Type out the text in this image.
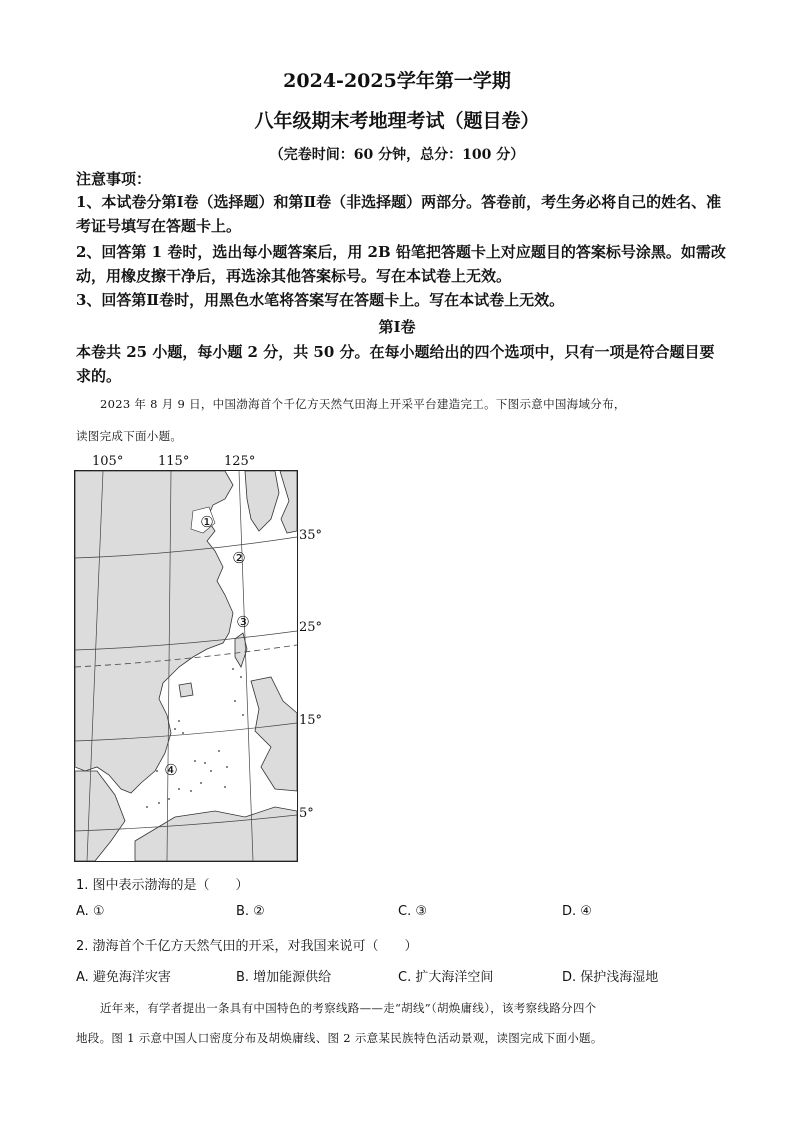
2024-2025学年第一学期
八年级期末考地理考试（题目卷）
（完卷时间：60 分钟，总分：100 分）
注意事项：
1、本试卷分第Ⅰ卷（选择题）和第Ⅱ卷（非选择题）两部分。答卷前，考生务必将自己的姓名、准考证号填写在答题卡上。
2、回答第 1 卷时，选出每小题答案后，用 2B 铅笔把答题卡上对应题目的答案标号涂黑。如需改动，用橡皮擦干净后，再选涂其他答案标号。写在本试卷上无效。
3、回答第Ⅱ卷时，用黑色水笔将答案写在答题卡上。写在本试卷上无效。
第Ⅰ卷
本卷共 25 小题，每小题 2 分，共 50 分。在每小题给出的四个选项中，只有一项是符合题目要求的。
2023 年 8 月 9 日，中国渤海首个千亿方天然气田海上开采平台建造完工。下图示意中国海域分布，
读图完成下面小题。
105°	115°	125°
35°
25°
15°
5°
①
②
③
④
1. 图中表示渤海的是（　　）
A. ①	B. ②	C. ③	D. ④
2. 渤海首个千亿方天然气田的开采，对我国来说可（　　）
A. 避免海洋灾害	B. 增加能源供给	C. 扩大海洋空间	D. 保护浅海湿地
近年来，有学者提出一条具有中国特色的考察线路——走“胡线”（胡焕庸线），该考察线路分四个
地段。图 1 示意中国人口密度分布及胡焕庸线、图 2 示意某民族特色活动景观，读图完成下面小题。
